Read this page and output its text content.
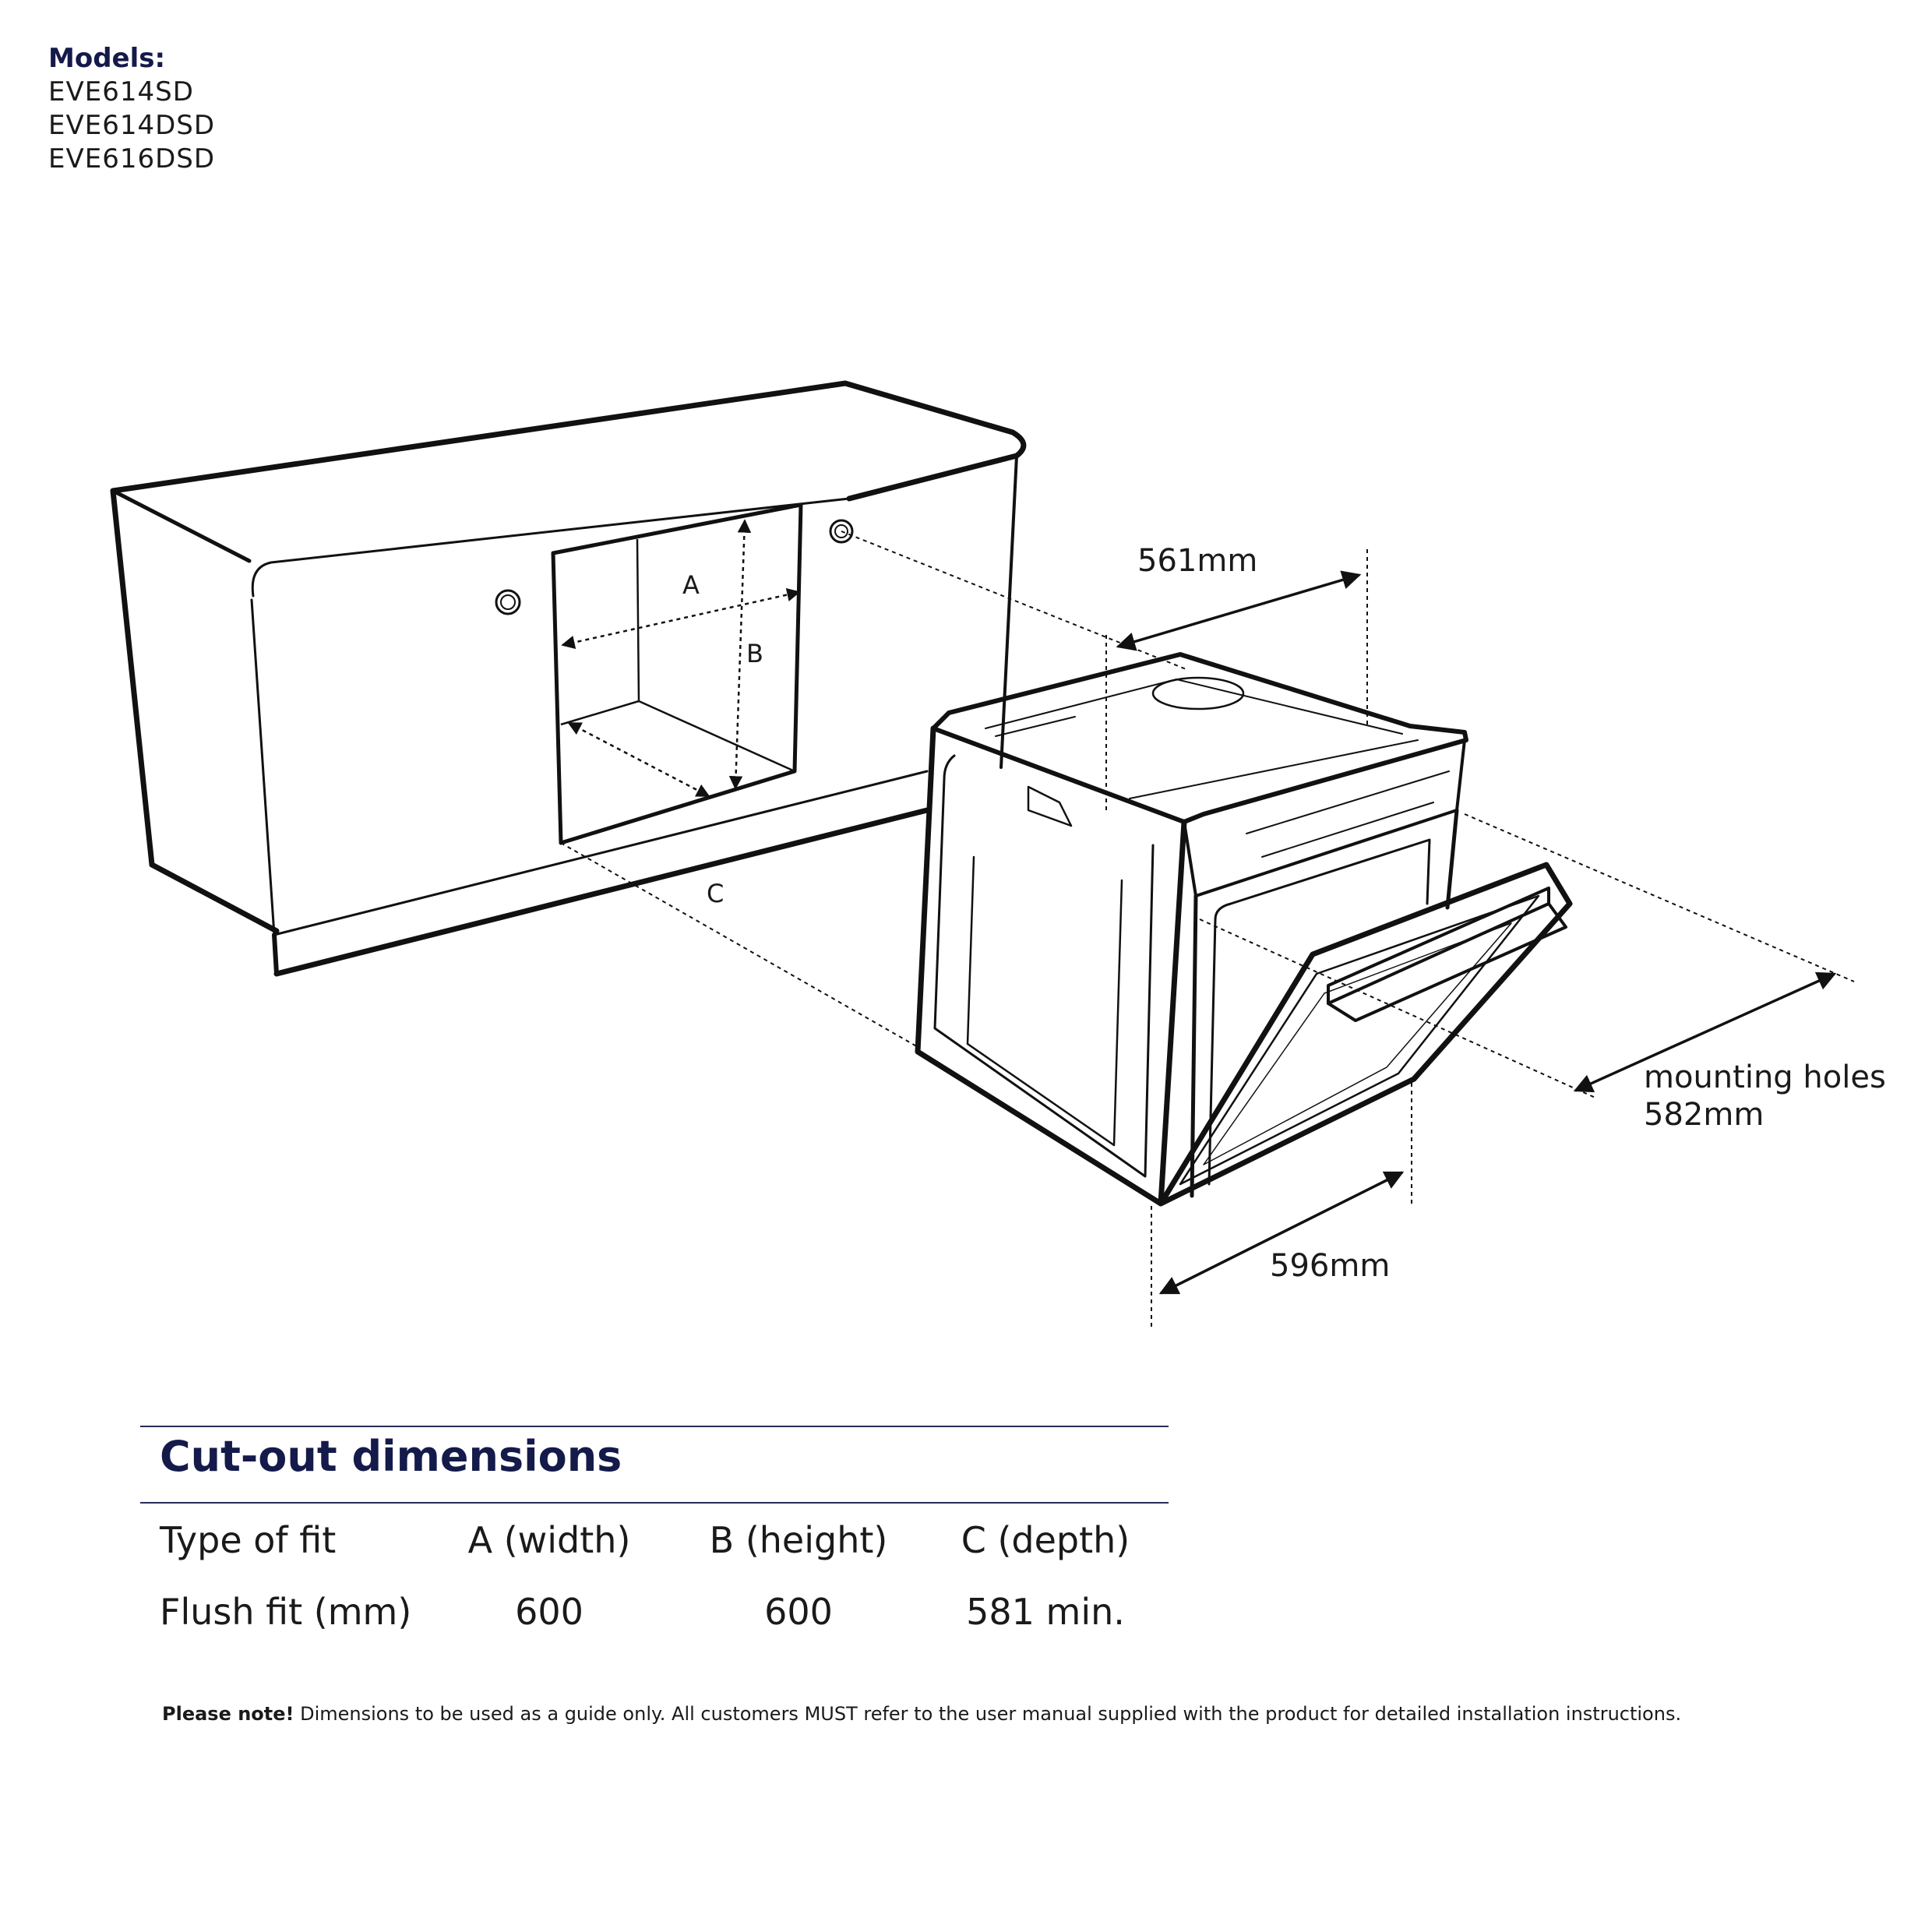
Models:
EVE614SD
EVE614DSD
EVE616DSD
A
B
C
561mm
596mm
mounting holes
582mm
Cut-out dimensions
Type of fit	A (width) B (height) C (depth)
Flush fit (mm)	600	600	581 min.
Please note! Dimensions to be used as a guide only. All customers MUST refer to the user manual supplied with the product for detailed installation instructions.
